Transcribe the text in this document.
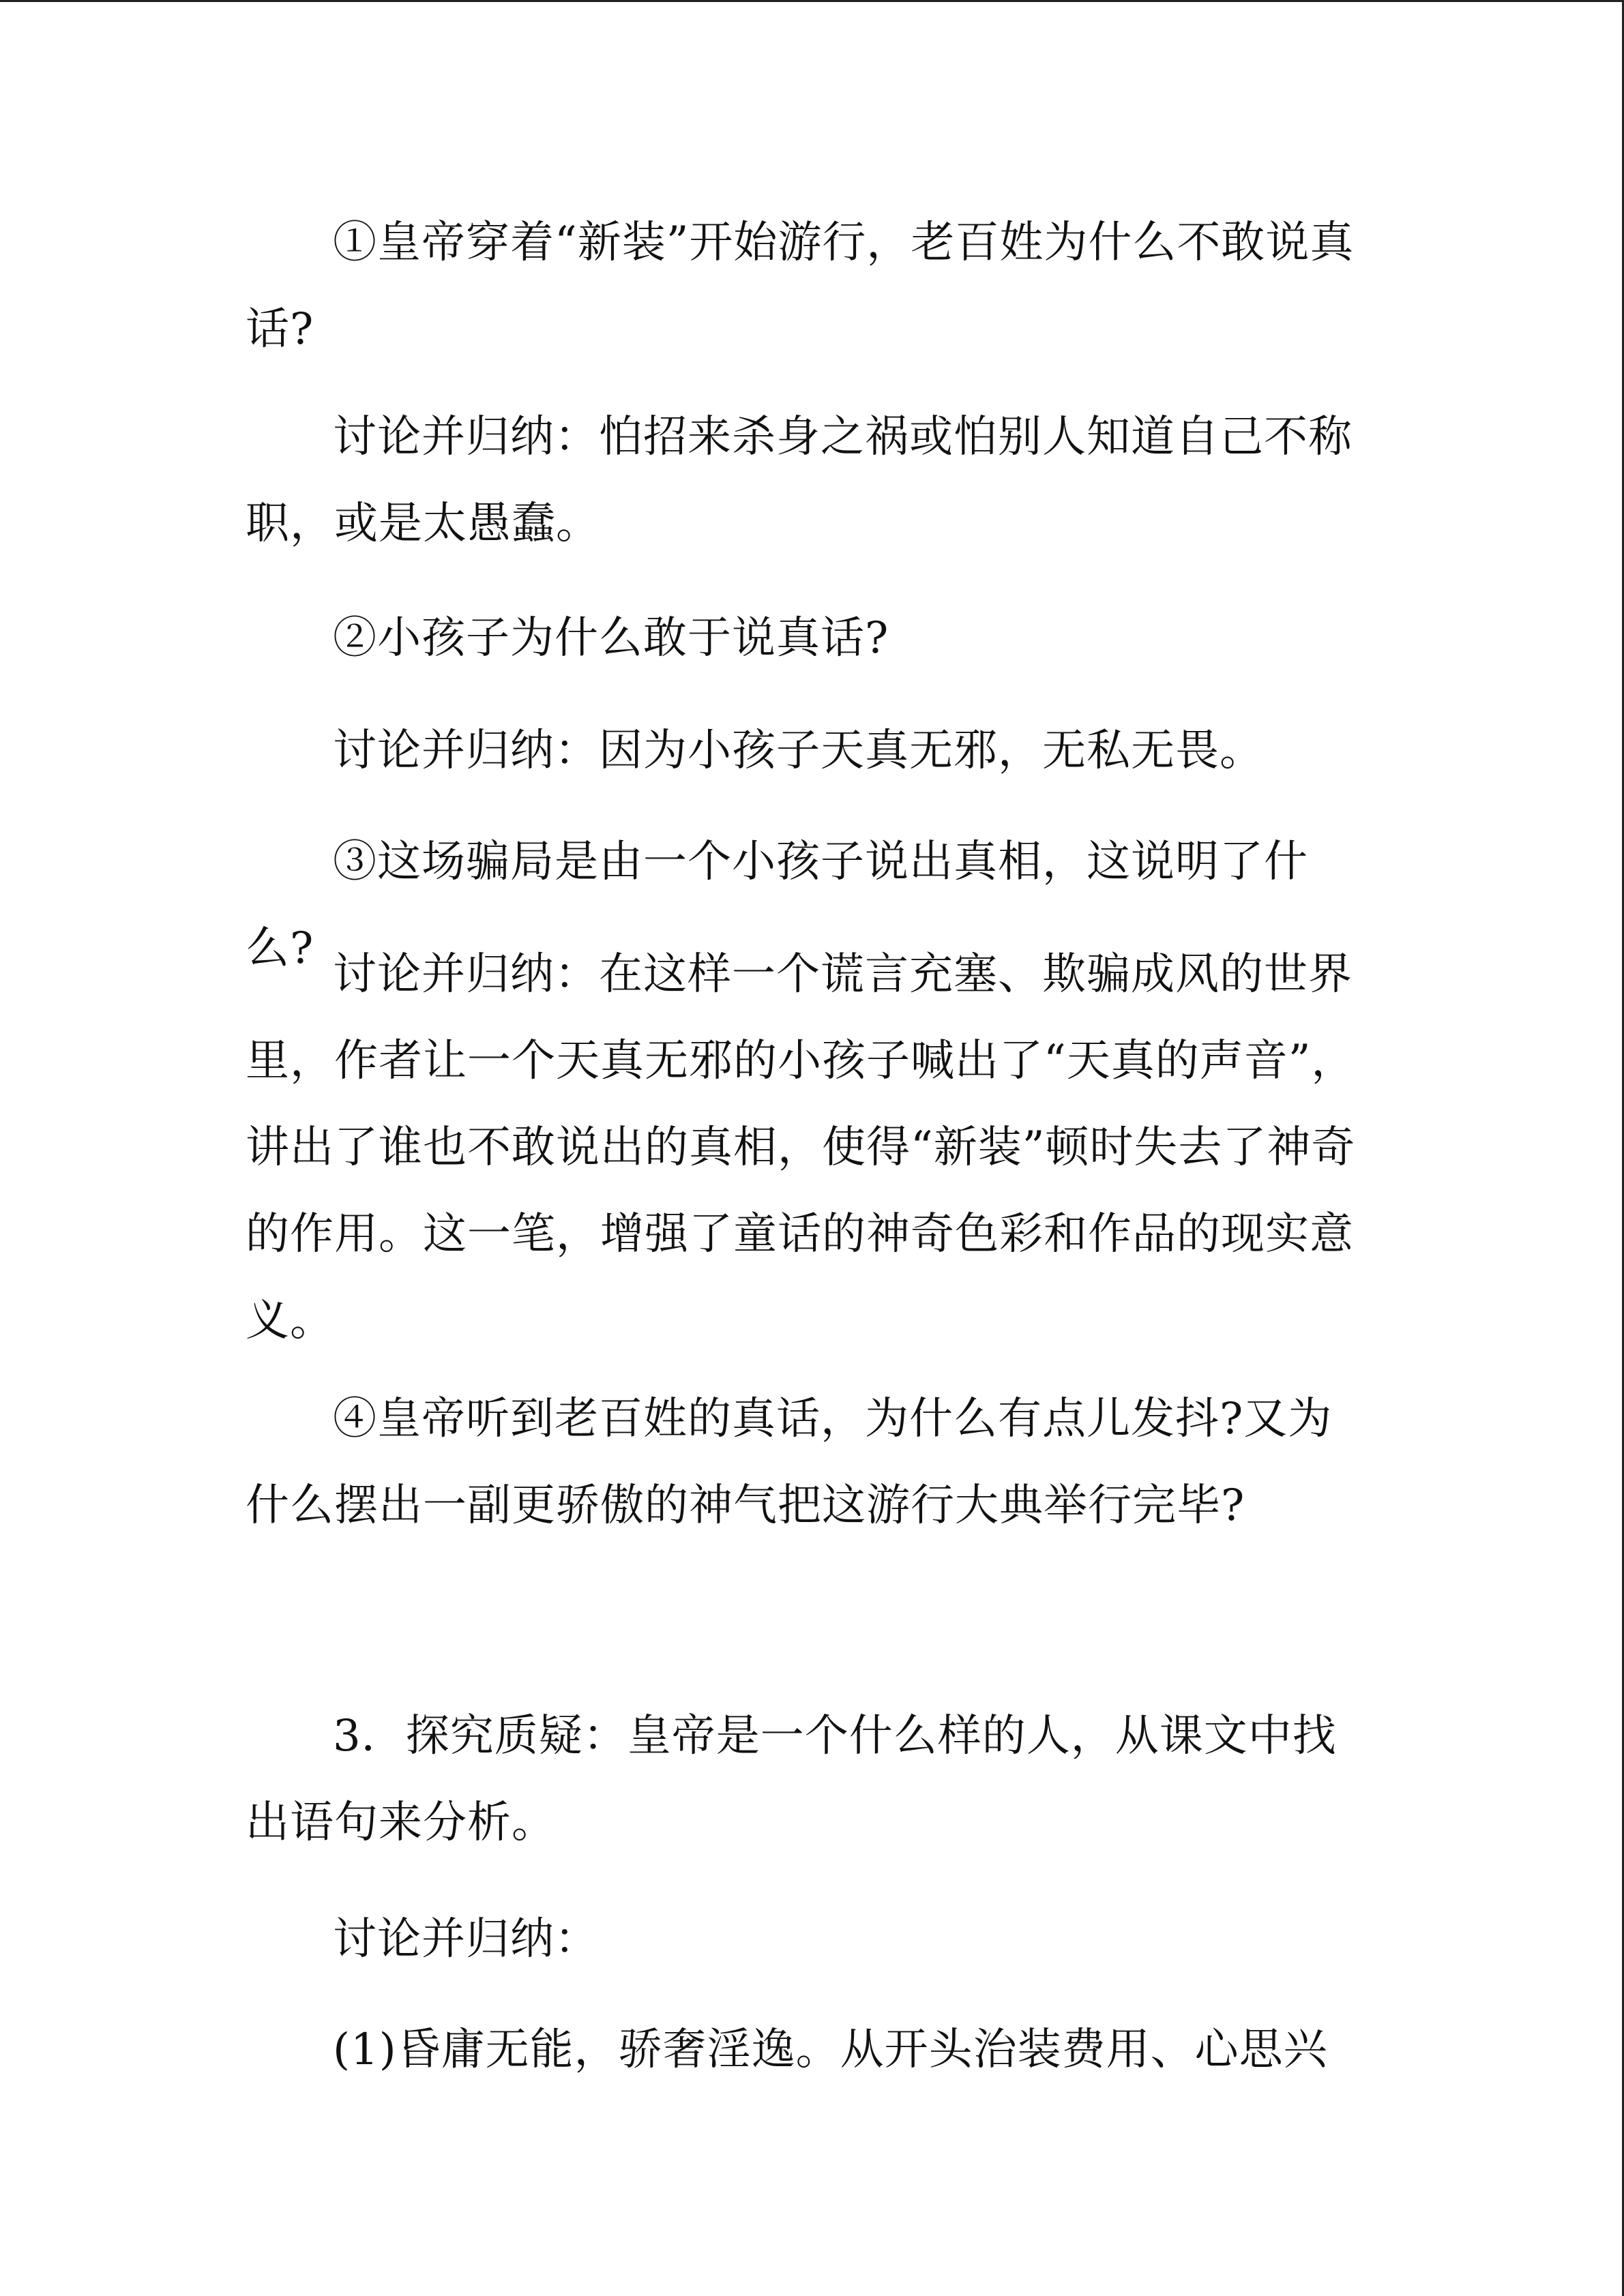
①皇帝穿着“新装”开始游行，老百姓为什么不敢说真话?
讨论并归纳：怕招来杀身之祸或怕别人知道自己不称职，或是太愚蠢。
②小孩子为什么敢于说真话?
讨论并归纳：因为小孩子天真无邪，无私无畏。
③这场骗局是由一个小孩子说出真相，这说明了什么?
讨论并归纳：在这样一个谎言充塞、欺骗成风的世界里，作者让一个天真无邪的小孩子喊出了“天真的声音”，讲出了谁也不敢说出的真相，使得“新装”顿时失去了神奇的作用。这一笔，增强了童话的神奇色彩和作品的现实意义。
④皇帝听到老百姓的真话，为什么有点儿发抖?又为什么摆出一副更骄傲的神气把这游行大典举行完毕?
3．探究质疑：皇帝是一个什么样的人，从课文中找出语句来分析。
讨论并归纳：
(1)昏庸无能，骄奢淫逸。从开头治装费用、心思兴
